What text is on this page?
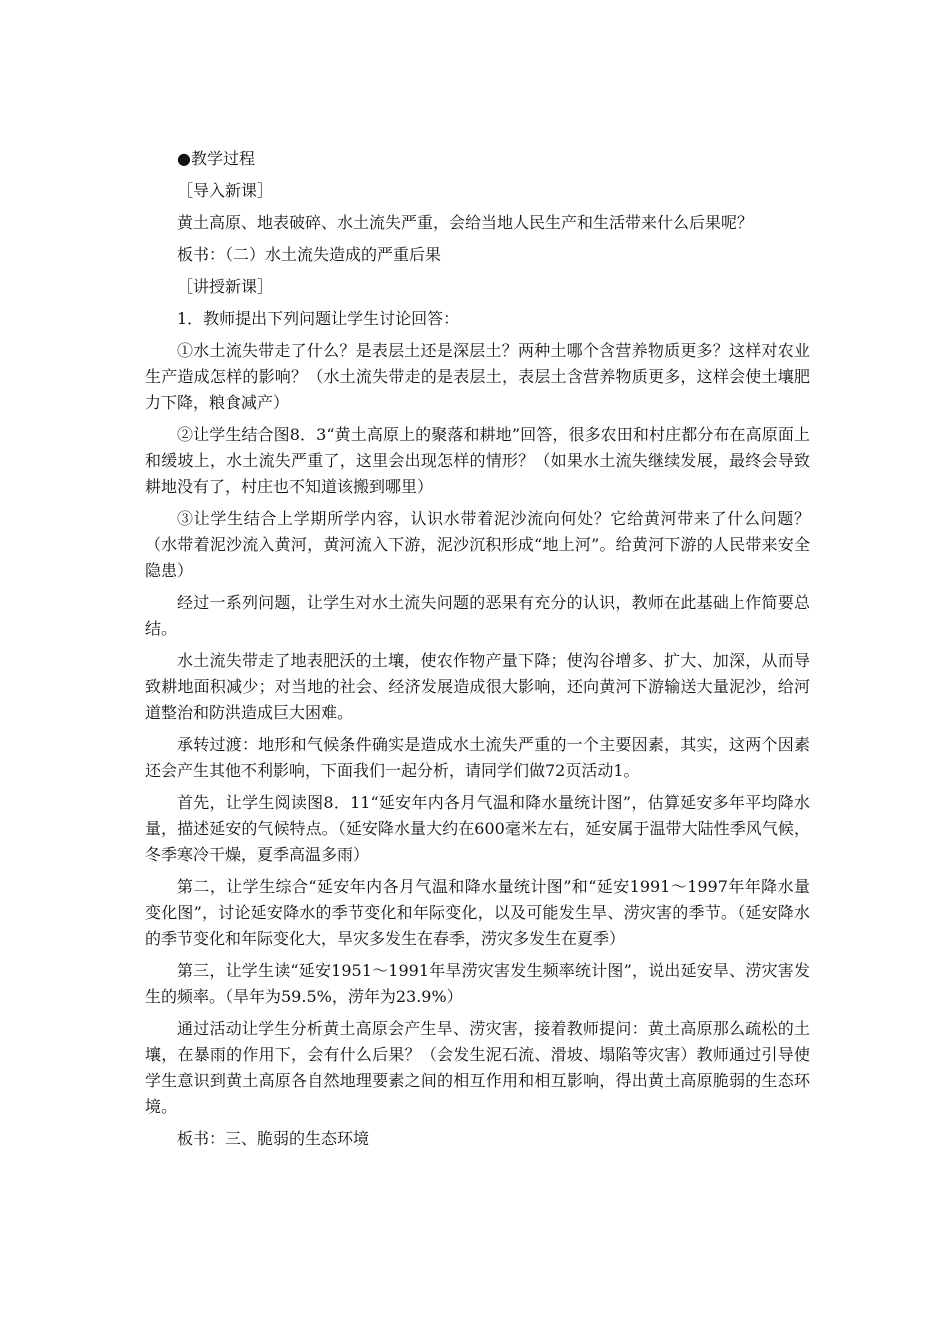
●教学过程

［导入新课］

黄土高原、地表破碎、水土流失严重，会给当地人民生产和生活带来什么后果呢？

板书：（二）水土流失造成的严重后果

［讲授新课］

1．教师提出下列问题让学生讨论回答：

①水土流失带走了什么？是表层土还是深层土？两种土哪个含营养物质更多？这样对农业生产造成怎样的影响？（水土流失带走的是表层土，表层土含营养物质更多，这样会使土壤肥力下降，粮食减产）

②让学生结合图8．3“黄土高原上的聚落和耕地”回答，很多农田和村庄都分布在高原面上和缓坡上，水土流失严重了，这里会出现怎样的情形？（如果水土流失继续发展，最终会导致耕地没有了，村庄也不知道该搬到哪里）

③让学生结合上学期所学内容，认识水带着泥沙流向何处？它给黄河带来了什么问题？（水带着泥沙流入黄河，黄河流入下游，泥沙沉积形成“地上河”。给黄河下游的人民带来安全隐患）

经过一系列问题，让学生对水土流失问题的恶果有充分的认识，教师在此基础上作简要总结。

水土流失带走了地表肥沃的土壤，使农作物产量下降；使沟谷增多、扩大、加深，从而导致耕地面积减少；对当地的社会、经济发展造成很大影响，还向黄河下游输送大量泥沙，给河道整治和防洪造成巨大困难。

承转过渡：地形和气候条件确实是造成水土流失严重的一个主要因素，其实，这两个因素还会产生其他不利影响，下面我们一起分析，请同学们做72页活动1。

首先，让学生阅读图8．11“延安年内各月气温和降水量统计图”，估算延安多年平均降水量，描述延安的气候特点。（延安降水量大约在600毫米左右，延安属于温带大陆性季风气候，冬季寒冷干燥，夏季高温多雨）

第二，让学生综合“延安年内各月气温和降水量统计图”和“延安1991～1997年年降水量变化图”，讨论延安降水的季节变化和年际变化，以及可能发生旱、涝灾害的季节。（延安降水的季节变化和年际变化大，旱灾多发生在春季，涝灾多发生在夏季）

第三，让学生读“延安1951～1991年旱涝灾害发生频率统计图”，说出延安旱、涝灾害发生的频率。（旱年为59.5%，涝年为23.9%）

通过活动让学生分析黄土高原会产生旱、涝灾害，接着教师提问：黄土高原那么疏松的土壤，在暴雨的作用下，会有什么后果？（会发生泥石流、滑坡、塌陷等灾害）教师通过引导使学生意识到黄土高原各自然地理要素之间的相互作用和相互影响，得出黄土高原脆弱的生态环境。

板书：三、脆弱的生态环境
